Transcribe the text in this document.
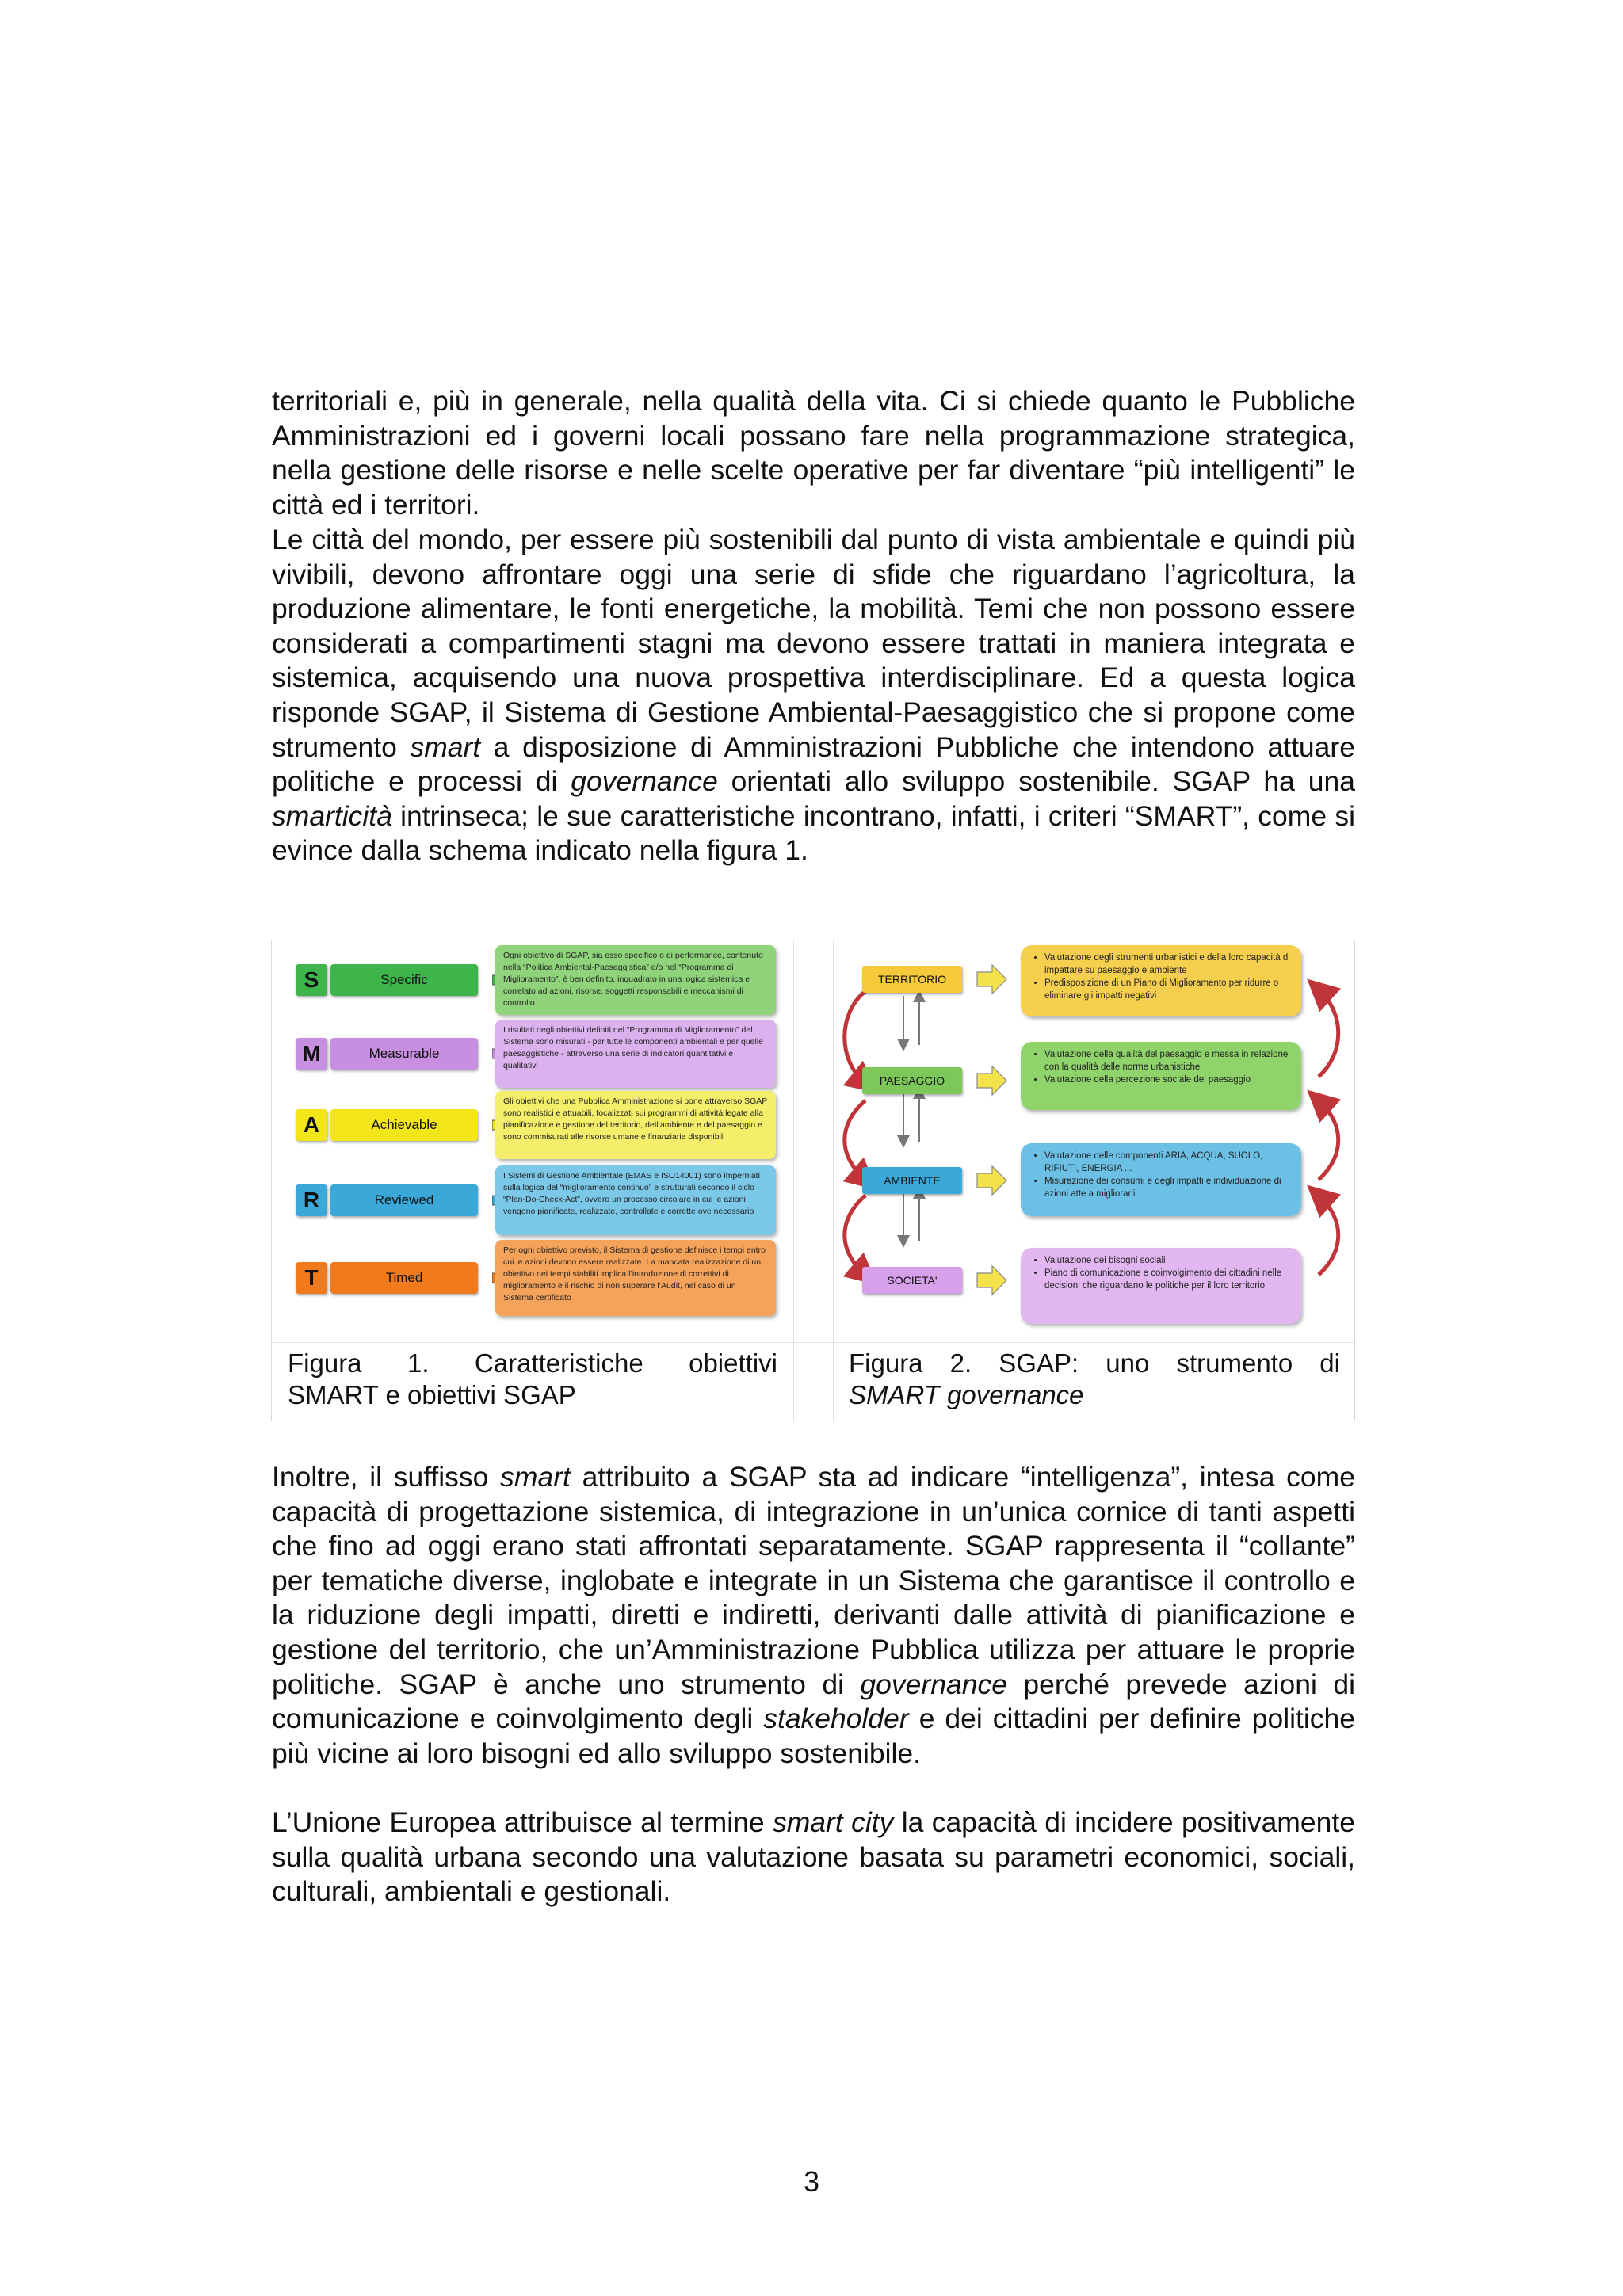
territoriali e, più in generale, nella qualità della vita. Ci si chiede quanto le Pubbliche Amministrazioni ed i governi locali possano fare nella programmazione strategica, nella gestione delle risorse e nelle scelte operative per far diventare “più intelligenti” le città ed i territori.

Le città del mondo, per essere più sostenibili dal punto di vista ambientale e quindi più vivibili, devono affrontare oggi una serie di sfide che riguardano l’agricoltura, la produzione alimentare, le fonti energetiche, la mobilità. Temi che non possono essere considerati a compartimenti stagni ma devono essere trattati in maniera integrata e sistemica, acquisendo una nuova prospettiva interdisciplinare. Ed a questa logica risponde SGAP, il Sistema di Gestione Ambiental-Paesaggistico che si propone come strumento smart a disposizione di Amministrazioni Pubbliche che intendono attuare politiche e processi di governance orientati allo sviluppo sostenibile. SGAP ha una smarticità intrinseca; le sue caratteristiche incontrano, infatti, i criteri “SMART”, come si evince dalla schema indicato nella figura 1.

S	Specific
Ogni obiettivo di SGAP, sia esso specifico o di performance, contenuto nella “Politica Ambiental-Paesaggistica” e/o nel “Programma di Miglioramento”, è ben definito, inquadrato in una logica sistemica e correlato ad azioni, risorse, soggetti responsabili e meccanismi di controllo
M	Measurable
I risultati degli obiettivi definiti nel “Programma di Miglioramento” del Sistema sono misurati - per tutte le componenti ambientali e per quelle paesaggistiche - attraverso una serie di indicatori quantitativi e qualitativi
A	Achievable
Gli obiettivi che una Pubblica Amministrazione si pone attraverso SGAP sono realistici e attuabili, focalizzati sui programmi di attività legate alla pianificazione e gestione del territorio, dell’ambiente e del paesaggio e sono commisurati alle risorse umane e finanziarie disponibili
R	Reviewed
I Sistemi di Gestione Ambientale (EMAS e ISO14001) sono imperniati sulla logica del “miglioramento continuo” e strutturati secondo il ciclo “Plan-Do-Check-Act”, ovvero un processo circolare in cui le azioni vengono pianificate, realizzate, controllate e corrette ove necessario
T	Timed
Per ogni obiettivo previsto, il Sistema di gestione definisce i tempi entro cui le azioni devono essere realizzate. La mancata realizzazione di un obiettivo nei tempi stabiliti implica l’introduzione di correttivi di miglioramento e il rischio di non superare l’Audit, nel caso di un Sistema certificato
TERRITORIO
• Valutazione degli strumenti urbanistici e della loro capacità di impattare su paesaggio e ambiente
• Predisposizione di un Piano di Miglioramento per ridurre o eliminare gli impatti negativi
PAESAGGIO
• Valutazione della qualità del paesaggio e messa in relazione con la qualità delle norme urbanistiche
• Valutazione della percezione sociale del paesaggio
AMBIENTE
• Valutazione delle componenti ARIA, ACQUA, SUOLO, RIFIUTI, ENERGIA ...
• Misurazione dei consumi e degli impatti e individuazione di azioni atte a migliorarli
SOCIETA'
• Valutazione dei bisogni sociali
• Piano di comunicazione e coinvolgimento dei cittadini nelle decisioni che riguardano le politiche per il loro territorio
Figura 1. Caratteristiche obiettivi
SMART e obiettivi SGAP
Figura 2. SGAP: uno strumento di
SMART governance

Inoltre, il suffisso smart attribuito a SGAP sta ad indicare “intelligenza”, intesa come capacità di progettazione sistemica, di integrazione in un’unica cornice di tanti aspetti che fino ad oggi erano stati affrontati separatamente. SGAP rappresenta il “collante” per tematiche diverse, inglobate e integrate in un Sistema che garantisce il controllo e la riduzione degli impatti, diretti e indiretti, derivanti dalle attività di pianificazione e gestione del territorio, che un’Amministrazione Pubblica utilizza per attuare le proprie politiche. SGAP è anche uno strumento di governance perché prevede azioni di comunicazione e coinvolgimento degli stakeholder e dei cittadini per definire politiche più vicine ai loro bisogni ed allo sviluppo sostenibile.

L’Unione Europea attribuisce al termine smart city la capacità di incidere positivamente sulla qualità urbana secondo una valutazione basata su parametri economici, sociali, culturali, ambientali e gestionali.

3
